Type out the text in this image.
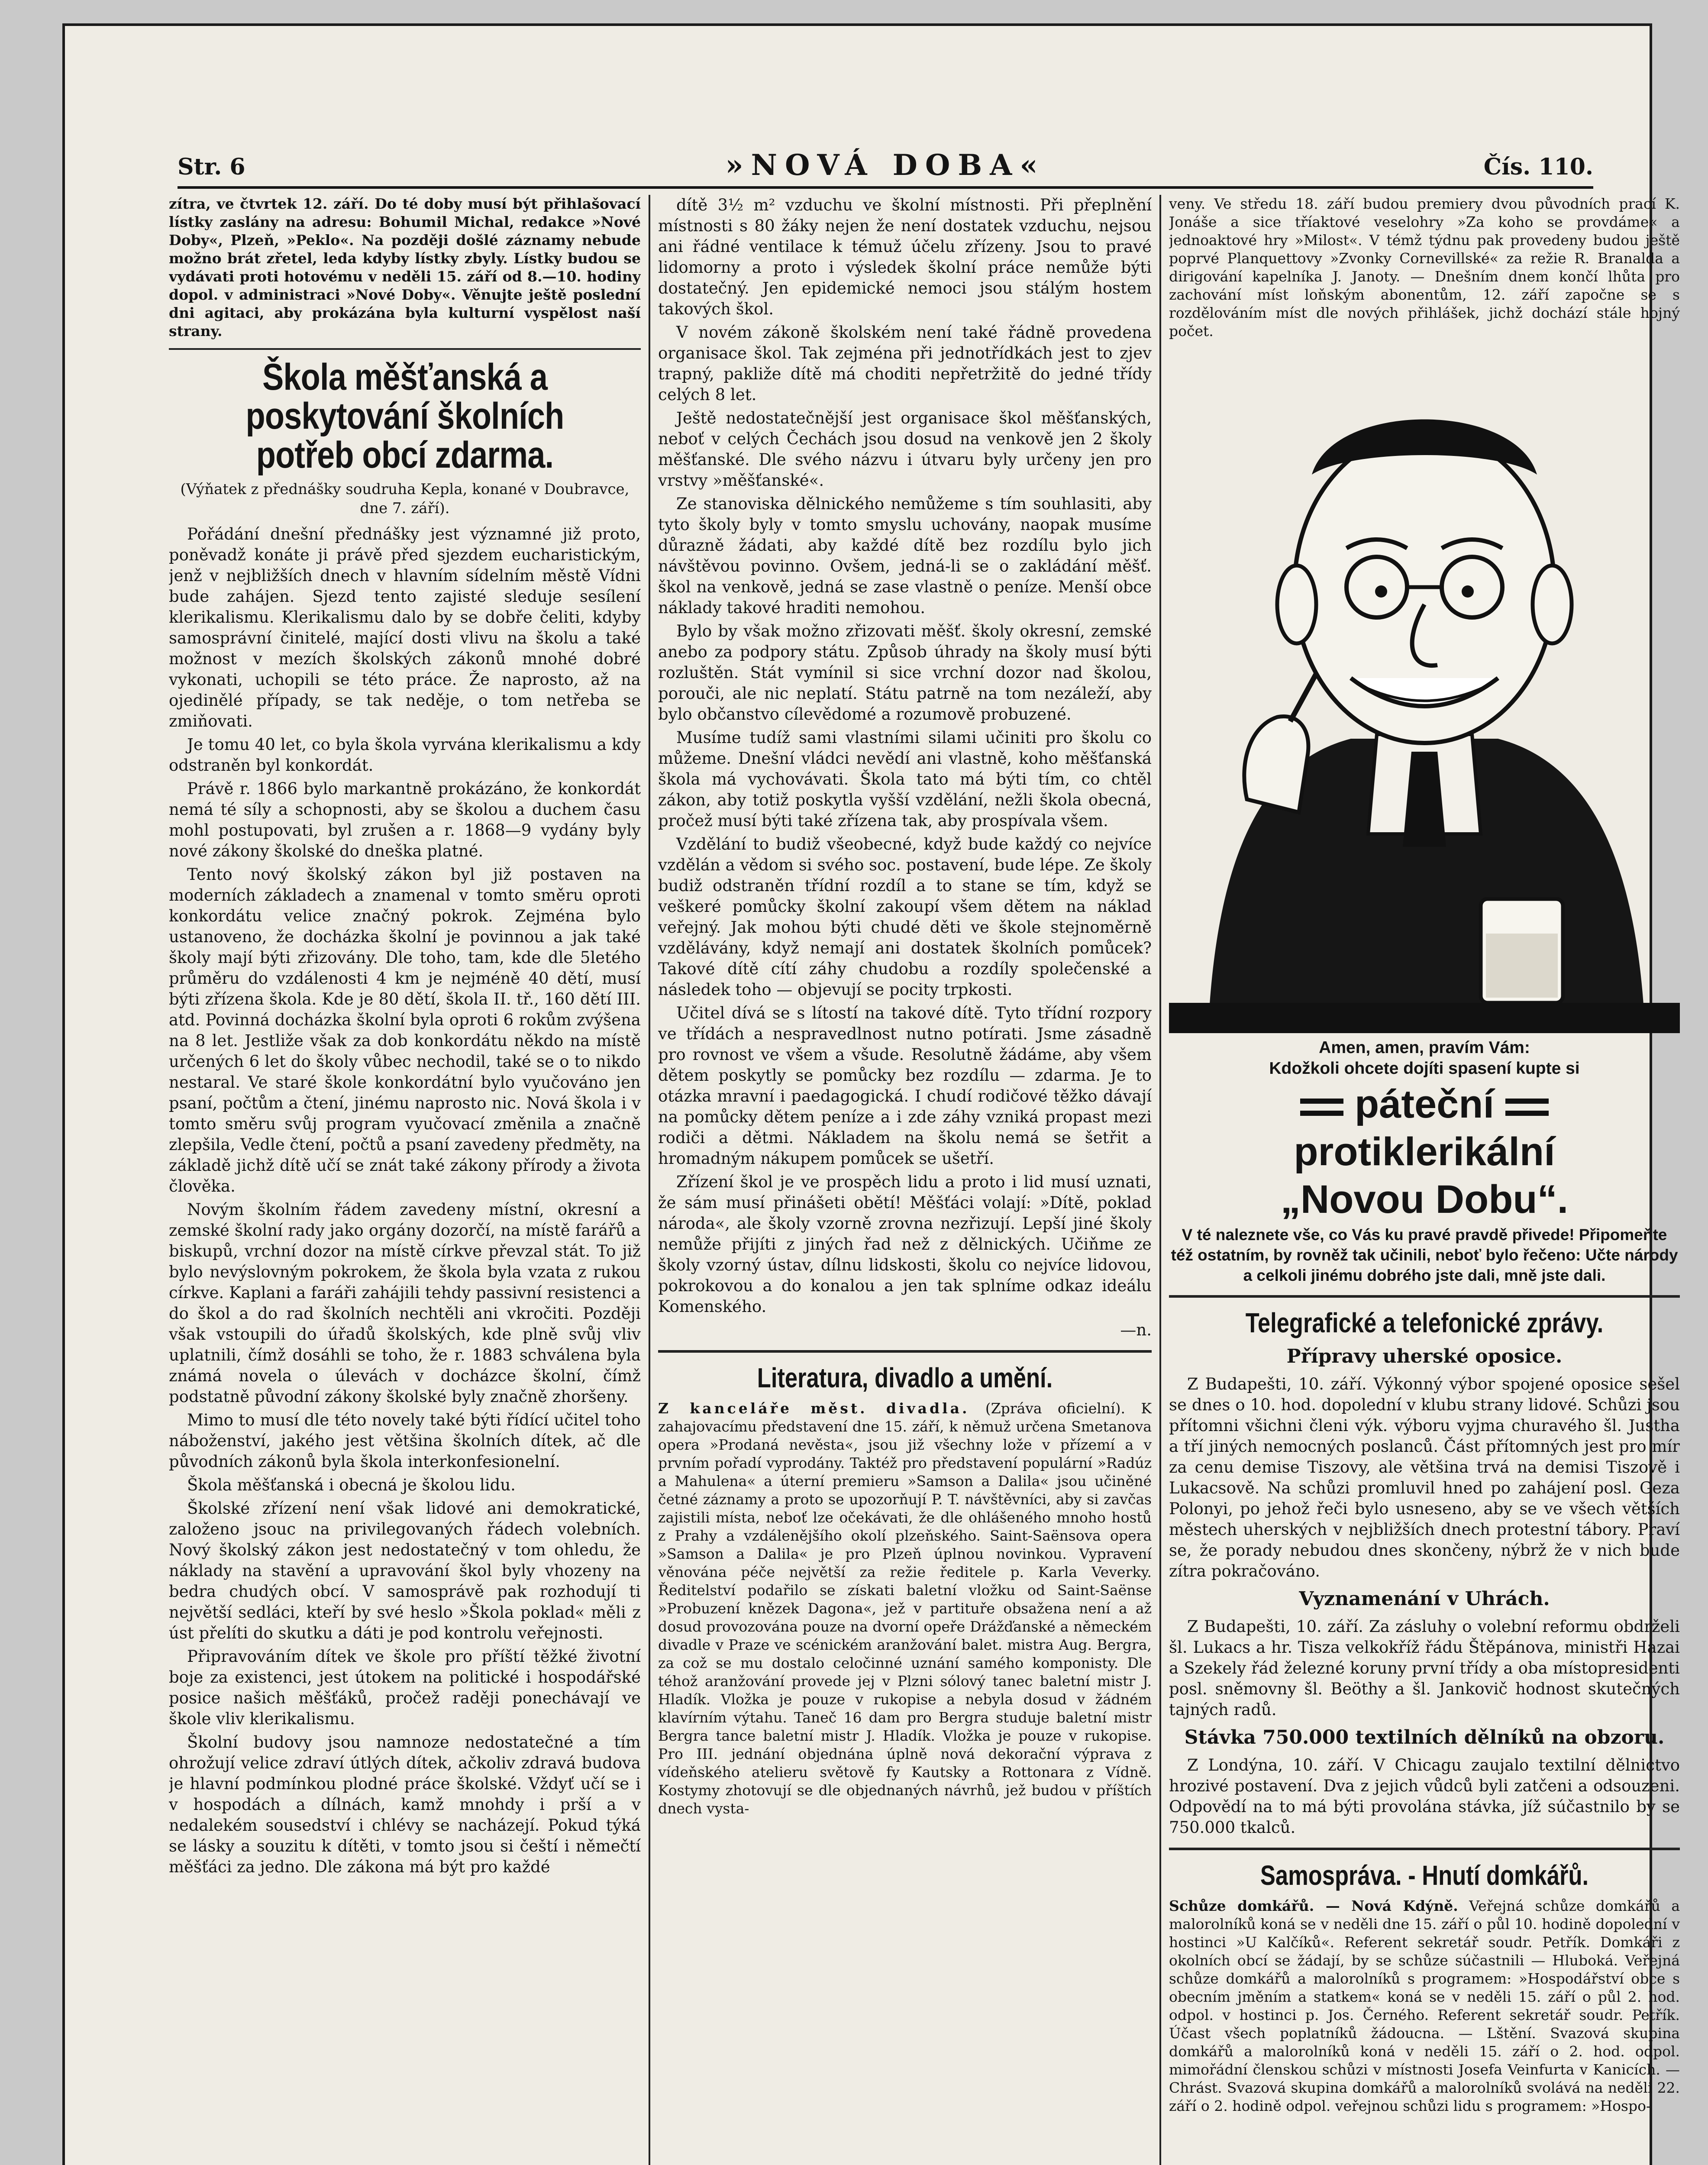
Str. 6	»NOVÁ DOBA«	Čís. 110.

zítra, ve čtvrtek 12. září. Do té doby musí být přihlašovací lístky zaslány na adresu: Bohumil Michal, redakce »Nové Doby«, Plzeň, »Peklo«. Na později došlé záznamy nebude možno brát zřetel, leda kdyby lístky zbyly. Lístky budou se vydávati proti hotovému v neděli 15. září od 8.—10. hodiny dopol. v administraci »Nové Doby«. Věnujte ještě poslední dni agitaci, aby prokázána byla kulturní vyspělost naší strany.

Škola měšťanská a poskytování školních potřeb obcí zdarma.

(Výňatek z přednášky soudruha Kepla, konané v Doubravce, dne 7. září).

Pořádání dnešní přednášky jest významné již proto, poněvadž konáte ji právě před sjezdem eucharistickým, jenž v nejbližších dnech v hlavním sídelním městě Vídni bude zahájen. Sjezd tento zajisté sleduje sesílení klerikalismu. Klerikalismu dalo by se dobře čeliti, kdyby samosprávní činitelé, mající dosti vlivu na školu a také možnost v mezích školských zákonů mnohé dobré vykonati, uchopili se této práce. Že naprosto, až na ojedinělé případy, se tak neděje, o tom netřeba se zmiňovati.

Je tomu 40 let, co byla škola vyrvána klerikalismu a kdy odstraněn byl konkordát.

Právě r. 1866 bylo markantně prokázáno, že konkordát nemá té síly a schopnosti, aby se školou a duchem času mohl postupovati, byl zrušen a r. 1868—9 vydány byly nové zákony školské do dneška platné.

Tento nový školský zákon byl již postaven na moderních základech a znamenal v tomto směru oproti konkordátu velice značný pokrok. Zejména bylo ustanoveno, že docházka školní je povinnou a jak také školy mají býti zřizovány. Dle toho, tam, kde dle 5letého průměru do vzdálenosti 4 km je nejméně 40 dětí, musí býti zřízena škola. Kde je 80 dětí, škola II. tř., 160 dětí III. atd. Povinná docházka školní byla oproti 6 rokům zvýšena na 8 let. Jestliže však za dob konkordátu někdo na místě určených 6 let do školy vůbec nechodil, také se o to nikdo nestaral. Ve staré škole konkordátní bylo vyučováno jen psaní, počtům a čtení, jinému naprosto nic. Nová škola i v tomto směru svůj program vyučovací změnila a značně zlepšila, Vedle čtení, počtů a psaní zavedeny předměty, na základě jichž dítě učí se znát také zákony přírody a života člověka.

Novým školním řádem zavedeny místní, okresní a zemské školní rady jako orgány dozorčí, na místě farářů a biskupů, vrchní dozor na místě církve převzal stát. To již bylo nevýslovným pokrokem, že škola byla vzata z rukou církve. Kaplani a faráři zahájili tehdy passivní resistenci a do škol a do rad školních nechtěli ani vkročiti. Později však vstoupili do úřadů školských, kde plně svůj vliv uplatnili, čímž dosáhli se toho, že r. 1883 schválena byla známá novela o úlevách v docházce školní, čímž podstatně původní zákony školské byly značně zhoršeny.

Mimo to musí dle této novely také býti řídící učitel toho náboženství, jakého jest většina školních dítek, ač dle původních zákonů byla škola interkonfesionelní.

Škola měšťanská i obecná je školou lidu.

Školské zřízení není však lidové ani demokratické, založeno jsouc na privilegovaných řádech volebních. Nový školský zákon jest nedostatečný v tom ohledu, že náklady na stavění a upravování škol byly vhozeny na bedra chudých obcí. V samosprávě pak rozhodují ti největší sedláci, kteří by své heslo »Škola poklad« měli z úst přelíti do skutku a dáti je pod kontrolu veřejnosti.

Připravováním dítek ve škole pro příští těžké životní boje za existenci, jest útokem na politické i hospodářské posice našich měšťáků, pročež raději ponechávají ve škole vliv klerikalismu.

Školní budovy jsou namnoze nedostatečné a tím ohrožují velice zdraví útlých dítek, ačkoliv zdravá budova je hlavní podmínkou plodné práce školské. Vždyť učí se i v hospodách a dílnách, kamž mnohdy i prší a v nedalekém sousedství i chlévy se nacházejí. Pokud týká se lásky a souzitu k dítěti, v tomto jsou si čeští i němečtí měšťáci za jedno. Dle zákona má být pro každé

dítě 3½ m² vzduchu ve školní místnosti. Při přeplnění místnosti s 80 žáky nejen že není dostatek vzduchu, nejsou ani řádné ventilace k témuž účelu zřízeny. Jsou to pravé lidomorny a proto i výsledek školní práce nemůže býti dostatečný. Jen epidemické nemoci jsou stálým hostem takových škol.

V novém zákoně školském není také řádně provedena organisace škol. Tak zejména při jednotřídkách jest to zjev trapný, pakliže dítě má choditi nepřetržitě do jedné třídy celých 8 let.

Ještě nedostatečnější jest organisace škol měšťanských, neboť v celých Čechách jsou dosud na venkově jen 2 školy měšťanské. Dle svého názvu i útvaru byly určeny jen pro vrstvy »měšťanské«.

Ze stanoviska dělnického nemůžeme s tím souhlasiti, aby tyto školy byly v tomto smyslu uchovány, naopak musíme důrazně žádati, aby každé dítě bez rozdílu bylo jich návštěvou povinno. Ovšem, jedná-li se o zakládání měšť. škol na venkově, jedná se zase vlastně o peníze. Menší obce náklady takové hraditi nemohou.

Bylo by však možno zřizovati měšť. školy okresní, zemské anebo za podpory státu. Způsob úhrady na školy musí býti rozluštěn. Stát vymínil si sice vrchní dozor nad školou, porouči, ale nic neplatí. Státu patrně na tom nezáleží, aby bylo občanstvo cílevědomé a rozumově probuzené.

Musíme tudíž sami vlastními silami učiniti pro školu co můžeme. Dnešní vládci nevědí ani vlastně, koho měšťanská škola má vychovávati. Škola tato má býti tím, co chtěl zákon, aby totiž poskytla vyšší vzdělání, nežli škola obecná, pročež musí býti také zřízena tak, aby prospívala všem.

Vzdělání to budiž všeobecné, když bude každý co nejvíce vzdělán a vědom si svého soc. postavení, bude lépe. Ze školy budiž odstraněn třídní rozdíl a to stane se tím, když se veškeré pomůcky školní zakoupí všem dětem na náklad veřejný. Jak mohou býti chudé děti ve škole stejnoměrně vzdělávány, když nemají ani dostatek školních pomůcek? Takové dítě cítí záhy chudobu a rozdíly společenské a následek toho — objevují se pocity trpkosti.

Učitel dívá se s lítostí na takové dítě. Tyto třídní rozpory ve třídách a nespravedlnost nutno potírati. Jsme zásadně pro rovnost ve všem a všude. Resolutně žádáme, aby všem dětem poskytly se pomůcky bez rozdílu — zdarma. Je to otázka mravní i paedagogická. I chudí rodičové těžko dávají na pomůcky dětem peníze a i zde záhy vzniká propast mezi rodiči a dětmi. Nákladem na školu nemá se šetřit a hromadným nákupem pomůcek se ušetří.

Zřízení škol je ve prospěch lidu a proto i lid musí uznati, že sám musí přinášeti obětí! Měšťáci volají: »Dítě, poklad národa«, ale školy vzorně zrovna nezřizují. Lepší jiné školy nemůže přijíti z jiných řad než z dělnických. Učiňme ze školy vzorný ústav, dílnu lidskosti, školu co nejvíce lidovou, pokrokovou a do konalou a jen tak splníme odkaz ideálu Komenského.

—n.

Literatura, divadlo a umění.

Z kanceláře měst. divadla. (Zpráva oficielní). K zahajovacímu představení dne 15. září, k němuž určena Smetanova opera »Prodaná nevěsta«, jsou již všechny lože v přízemí a v prvním pořadí vyprodány. Taktéž pro představení populární »Radúz a Mahulena« a úterní premieru »Samson a Dalila« jsou učiněné četné záznamy a proto se upozorňují P. T. návštěvníci, aby si zavčas zajistili místa, neboť lze očekávati, že dle ohlášeného mnoho hostů z Prahy a vzdálenějšího okolí plzeňského. Saint-Saënsova opera »Samson a Dalila« je pro Plzeň úplnou novinkou. Vypravení věnována péče největší za režie ředitele p. Karla Veverky. Ředitelství podařilo se získati baletní vložku od Saint-Saënse »Probuzení knězek Dagona«, jež v partituře obsažena není a až dosud provozována pouze na dvorní opeře Drážďanské a německém divadle v Praze ve scénickém aranžování balet. mistra Aug. Bergra, za což se mu dostalo celočinné uznání samého komponisty. Dle téhož aranžování provede jej v Plzni sólový tanec baletní mistr J. Hladík. Vložka je pouze v rukopise a nebyla dosud v žádném klavírním výtahu. Taneč 16 dam pro Bergra studuje baletní mistr Bergra tance baletní mistr J. Hladík. Vložka je pouze v rukopise. Pro III. jednání objednána úplně nová dekorační výprava z vídeňského atelieru světově fy Kautsky a Rottonara z Vídně. Kostymy zhotovují se dle objednaných návrhů, jež budou v příštích dnech vysta-

veny. Ve středu 18. září budou premiery dvou původních prací K. Jonáše a sice tříaktové veselohry »Za koho se provdáme« a jednoaktové hry »Milost«. V témž týdnu pak provedeny budou ještě poprvé Planquettovy »Zvonky Cornevillské« za režie R. Branalda a dirigování kapelníka J. Janoty. — Dnešním dnem končí lhůta pro zachování míst loňským abonentům, 12. září započne se s rozdělováním míst dle nových přihlášek, jichž dochází stále hojný počet.

Amen, amen, pravím Vám:
Kdožkoli ohcete dojíti spasení kupte si
páteční
protiklerikální
„Novou Dobu“.
V té naleznete vše, co Vás ku pravé pravdě přivede! Připomeňte též ostatním, by rovněž tak učinili, neboť bylo řečeno: Učte národy a celkoli jinému dobrého jste dali, mně jste dali.
Telegrafické a telefonické zprávy.
Přípravy uherské oposice.

Z Budapešti, 10. září. Výkonný výbor spojené oposice sešel se dnes o 10. hod. dopolední v klubu strany lidové. Schůzi jsou přítomni všichni členi výk. výboru vyjma churavého šl. Justha a tří jiných nemocných poslanců. Část přítomných jest pro mír za cenu demise Tiszovy, ale většina trvá na demisi Tiszově i Lukacsově. Na schůzi promluvil hned po zahájení posl. Geza Polonyi, po jehož řeči bylo usneseno, aby se ve všech větších městech uherských v nejbližších dnech protestní tábory. Praví se, že porady nebudou dnes skončeny, nýbrž že v nich bude zítra pokračováno.

Vyznamenání v Uhrách.

Z Budapešti, 10. září. Za zásluhy o volební reformu obdrželi šl. Lukacs a hr. Tisza velkokříž řádu Štěpánova, ministři Hazai a Szekely řád železné koruny první třídy a oba místopresidenti posl. sněmovny šl. Beöthy a šl. Jankovič hodnost skutečných tajných radů.

Stávka 750.000 textilních dělníků na obzoru.

Z Londýna, 10. září. V Chicagu zaujalo textilní dělnictvo hrozivé postavení. Dva z jejich vůdců byli zatčeni a odsouzeni. Odpovědí na to má býti provolána stávka, jíž súčastnilo by se 750.000 tkalců.

Samospráva. - Hnutí domkářů.

Schůze domkářů. — Nová Kdýně. Veřejná schůze domkářů a malorolníků koná se v neděli dne 15. září o půl 10. hodině dopolední v hostinci »U Kalčíků«. Referent sekretář soudr. Petřík. Domkáři z okolních obcí se žádají, by se schůze súčastnili — Hluboká. Veřejná schůze domkářů a malorolníků s programem: »Hospodářství obce s obecním jměním a statkem« koná se v neděli 15. září o půl 2. hod. odpol. v hostinci p. Jos. Černého. Referent sekretář soudr. Petřík. Účast všech poplatníků žádoucna. — Lštění. Svazová skupina domkářů a malorolníků koná v neděli 15. září o 2. hod. odpol. mimořádní členskou schůzi v místnosti Josefa Veinfurta v Kanicích. — Chrást. Svazová skupina domkářů a malorolníků svolává na neděli 22. září o 2. hodině odpol. veřejnou schůzi lidu s programem: »Hospo-
